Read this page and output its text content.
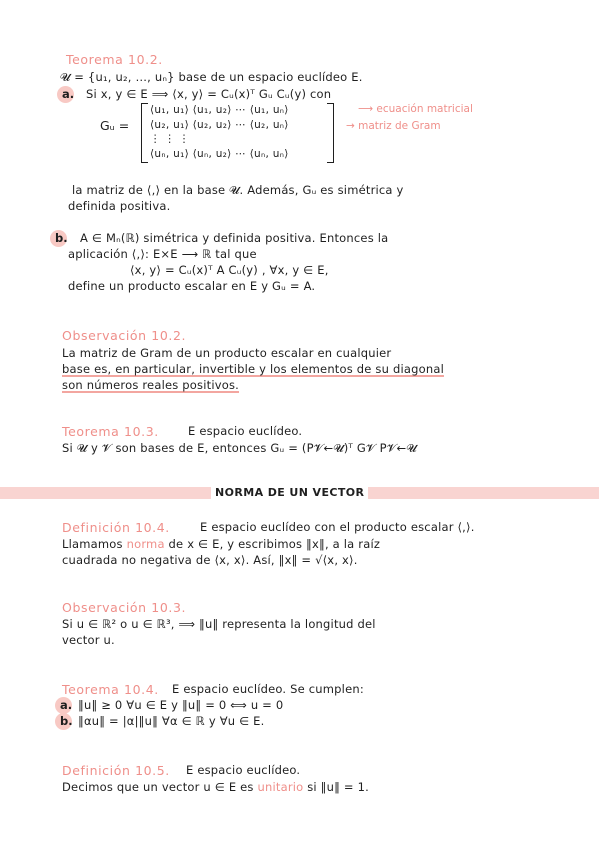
Teorema 10.2.
𝓤 = {u₁, u₂, …, uₙ} base de un espacio euclídeo E.
a. Si x, y ∈ E ⟹ ⟨x, y⟩ = Cᵤ(x)ᵀ Gᵤ Cᵤ(y) con
Gᵤ =
⟨u₁, u₁⟩ ⟨u₁, u₂⟩ ⋯ ⟨u₁, uₙ⟩
⟨u₂, u₁⟩ ⟨u₂, u₂⟩ ⋯ ⟨u₂, uₙ⟩
⋮ ⋮ ⋮
⟨uₙ, u₁⟩ ⟨uₙ, u₂⟩ ⋯ ⟨uₙ, uₙ⟩
⟶ ecuación matricial
→ matriz de Gram
la matriz de ⟨,⟩ en la base 𝓤. Además, Gᵤ es simétrica y
definida positiva.
b. A ∈ Mₙ(ℝ) simétrica y definida positiva. Entonces la
aplicación ⟨,⟩: E×E ⟶ ℝ tal que
⟨x, y⟩ = Cᵤ(x)ᵀ A Cᵤ(y) , ∀x, y ∈ E,
define un producto escalar en E y Gᵤ = A.
Observación 10.2.
La matriz de Gram de un producto escalar en cualquier
base es, en particular, invertible y los elementos de su diagonal
son números reales positivos.
Teorema 10.3.	E espacio euclídeo.
Si 𝓤 y 𝓥 son bases de E, entonces Gᵤ = (P𝓥←𝓤)ᵀ G𝓥 P𝓥←𝓤
NORMA DE UN VECTOR
Definición 10.4.	E espacio euclídeo con el producto escalar ⟨,⟩.
Llamamos norma de x ∈ E, y escribimos ‖x‖, a la raíz
cuadrada no negativa de ⟨x, x⟩. Así, ‖x‖ = √⟨x, x⟩.
Observación 10.3.
Si u ∈ ℝ² o u ∈ ℝ³, ⟹ ‖u‖ representa la longitud del
vector u.
Teorema 10.4. E espacio euclídeo. Se cumplen:
a. ‖u‖ ≥ 0 ∀u ∈ E y ‖u‖ = 0 ⟺ u = 0
b. ‖αu‖ = |α|‖u‖ ∀α ∈ ℝ y ∀u ∈ E.
Definición 10.5. E espacio euclídeo.
Decimos que un vector u ∈ E es unitario si ‖u‖ = 1.
